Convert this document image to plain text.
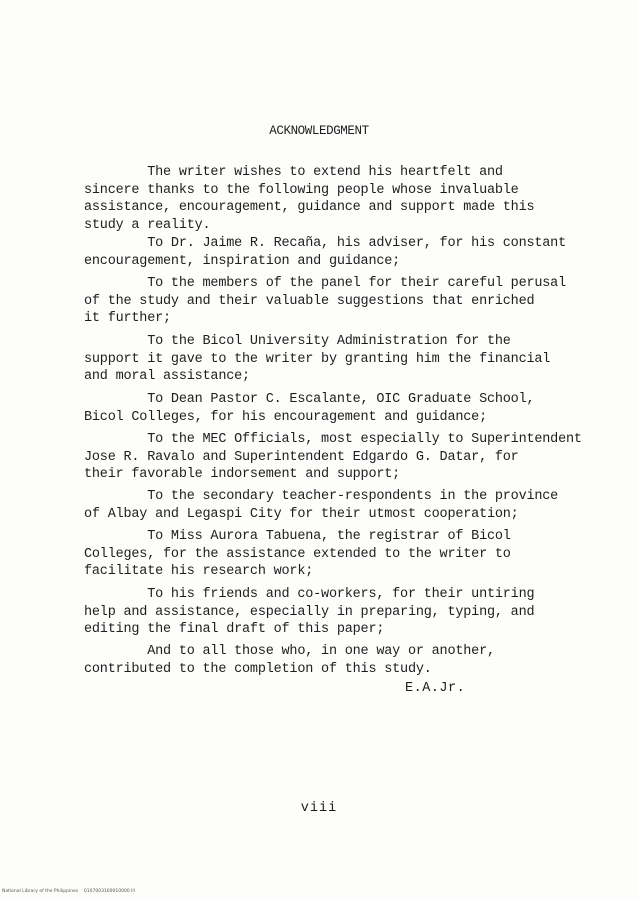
ACKNOWLEDGMENT

The writer wishes to extend his heartfelt and
sincere thanks to the following people whose invaluable
assistance, encouragement, guidance and support made this
study a reality.

To Dr. Jaime R. Recaña, his adviser, for his constant
encouragement, inspiration and guidance;

To the members of the panel for their careful perusal
of the study and their valuable suggestions that enriched
it further;

To the Bicol University Administration for the
support it gave to the writer by granting him the financial
and moral assistance;

To Dean Pastor C. Escalante, OIC Graduate School,
Bicol Colleges, for his encouragement and guidance;

To the MEC Officials, most especially to Superintendent
Jose R. Ravalo and Superintendent Edgardo G. Datar, for
their favorable indorsement and support;

To the secondary teacher-respondents in the province
of Albay and Legaspi City for their utmost cooperation;

To Miss Aurora Tabuena, the registrar of Bicol
Colleges, for the assistance extended to the writer to
facilitate his research work;

To his friends and co-workers, for their untiring
help and assistance, especially in preparing, typing, and
editing the final draft of this paper;

And to all those who, in one way or another,
contributed to the completion of this study.

E.A.Jr.
viii
National Library of the Philippines    0107003100010000 lll
